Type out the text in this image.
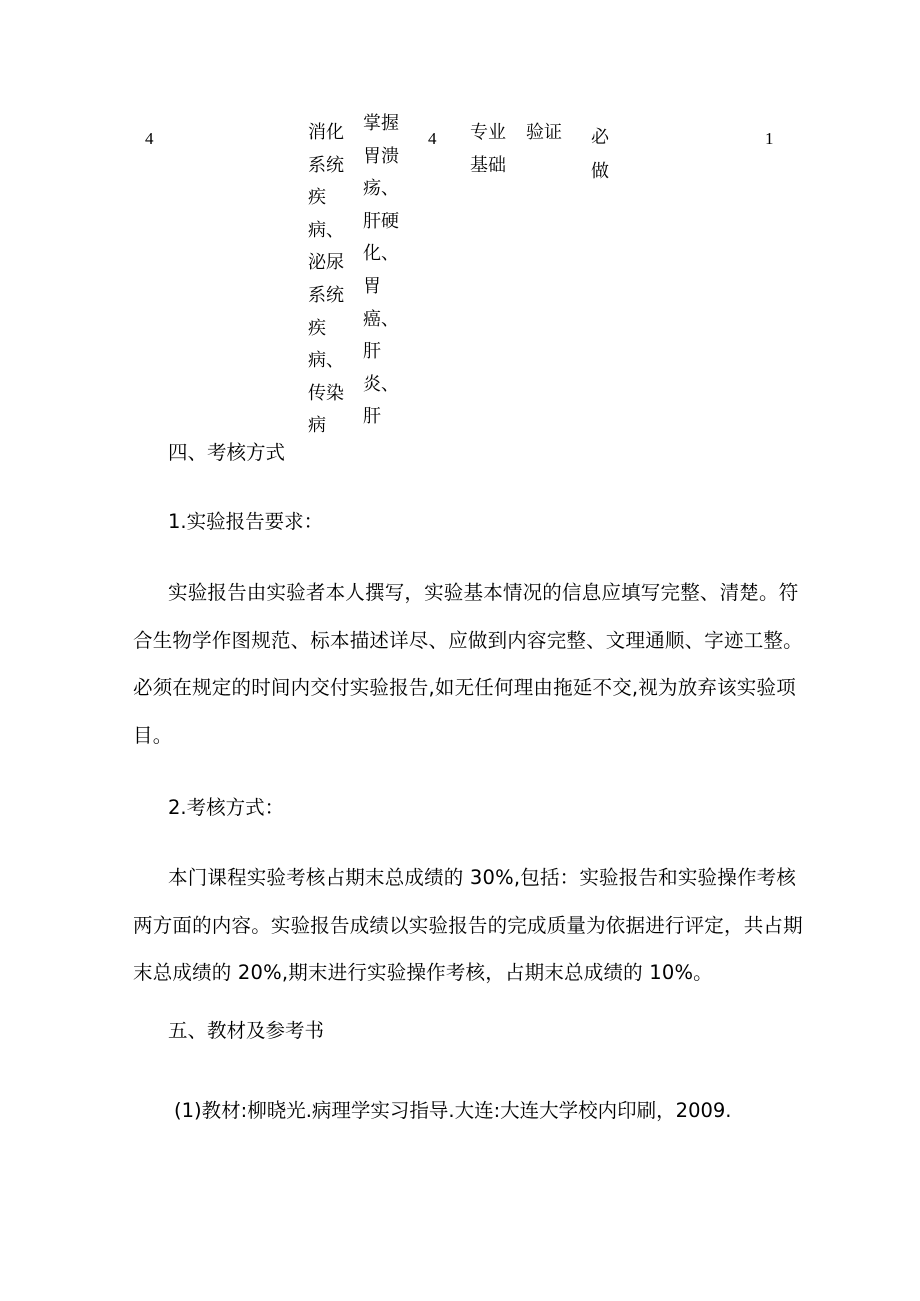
4	消化系统疾病、泌尿系统疾病、传染病
掌握胃溃疡、肝硬化、胃癌、肝炎、肝
4 专业基础
验证 必做
1
四、考核方式
1.实验报告要求：
实验报告由实验者本人撰写，实验基本情况的信息应填写完整、清楚。符合生物学作图规范、标本描述详尽、应做到内容完整、文理通顺、字迹工整。必须在规定的时间内交付实验报告,如无任何理由拖延不交,视为放弃该实验项目。
2.考核方式：
本门课程实验考核占期末总成绩的 30%,包括：实验报告和实验操作考核两方面的内容。实验报告成绩以实验报告的完成质量为依据进行评定，共占期末总成绩的 20%,期末进行实验操作考核，占期末总成绩的 10%。
五、教材及参考书
(1)教材:柳晓光.病理学实习指导.大连:大连大学校内印刷，2009.
